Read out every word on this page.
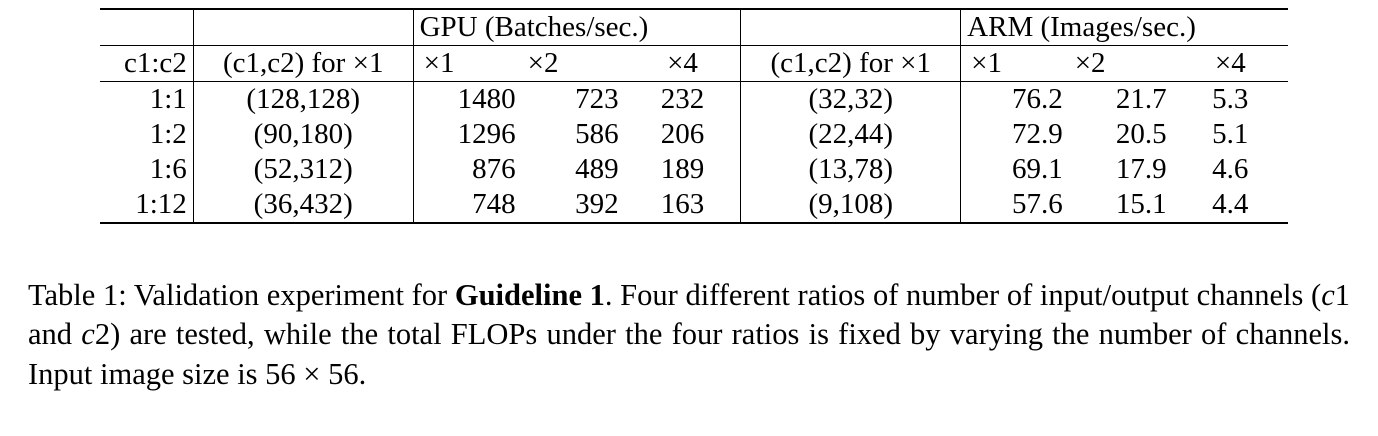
		GPU (Batches/sec.)				ARM (Images/sec.)		
c1:c2	(c1,c2) for ×1	×1	×2	×4	(c1,c2) for ×1	×1	×2	×4
1:1	(128,128)	1480	723	232	(32,32)	76.2	21.7	5.3
1:2	(90,180)	1296	586	206	(22,44)	72.9	20.5	5.1
1:6	(52,312)	876	489	189	(13,78)	69.1	17.9	4.6
1:12	(36,432)	748	392	163	(9,108)	57.6	15.1	4.4
Table 1: Validation experiment for Guideline 1. Four different ratios of number of input/output channels (c1 and c2) are tested, while the total FLOPs under the four ratios is fixed by varying the number of channels. Input image size is 56 × 56.
